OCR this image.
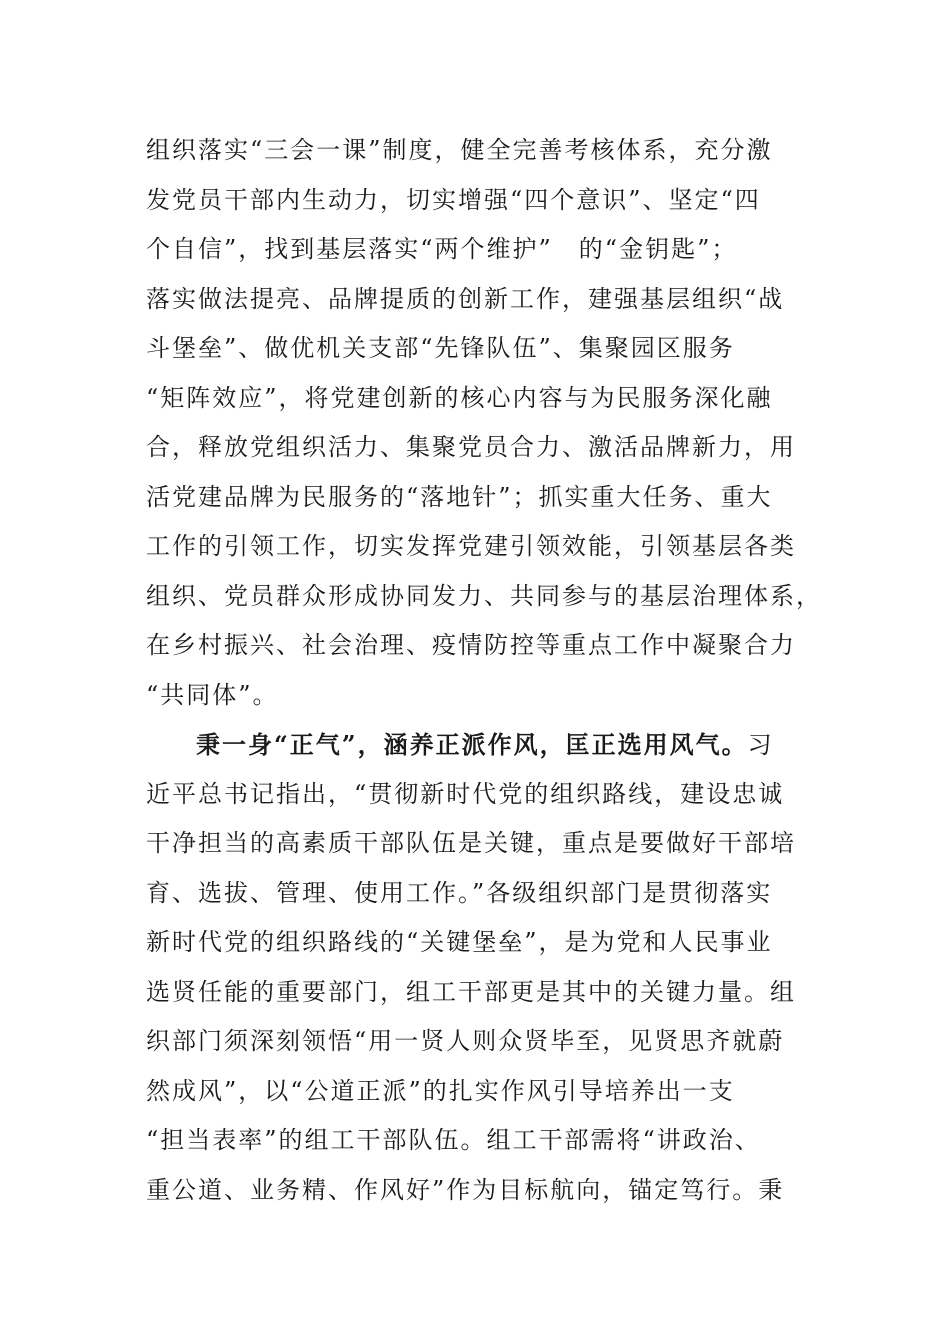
组织落实“三会一课”制度，健全完善考核体系，充分激
发党员干部内生动力，切实增强“四个意识”、坚定“四
个自信”，找到基层落实“两个维护”　的“金钥匙”；
落实做法提亮、品牌提质的创新工作，建强基层组织“战
斗堡垒”、做优机关支部“先锋队伍”、集聚园区服务
“矩阵效应”，将党建创新的核心内容与为民服务深化融
合，释放党组织活力、集聚党员合力、激活品牌新力，用
活党建品牌为民服务的“落地针”；抓实重大任务、重大
工作的引领工作，切实发挥党建引领效能，引领基层各类
组织、党员群众形成协同发力、共同参与的基层治理体系，
在乡村振兴、社会治理、疫情防控等重点工作中凝聚合力
“共同体”。
秉一身“正气”，涵养正派作风，匡正选用风气。习
近平总书记指出，“贯彻新时代党的组织路线，建设忠诚
干净担当的高素质干部队伍是关键，重点是要做好干部培
育、选拔、管理、使用工作。”各级组织部门是贯彻落实
新时代党的组织路线的“关键堡垒”，是为党和人民事业
选贤任能的重要部门，组工干部更是其中的关键力量。组
织部门须深刻领悟“用一贤人则众贤毕至，见贤思齐就蔚
然成风”，以“公道正派”的扎实作风引导培养出一支
“担当表率”的组工干部队伍。组工干部需将“讲政治、
重公道、业务精、作风好”作为目标航向，锚定笃行。秉
